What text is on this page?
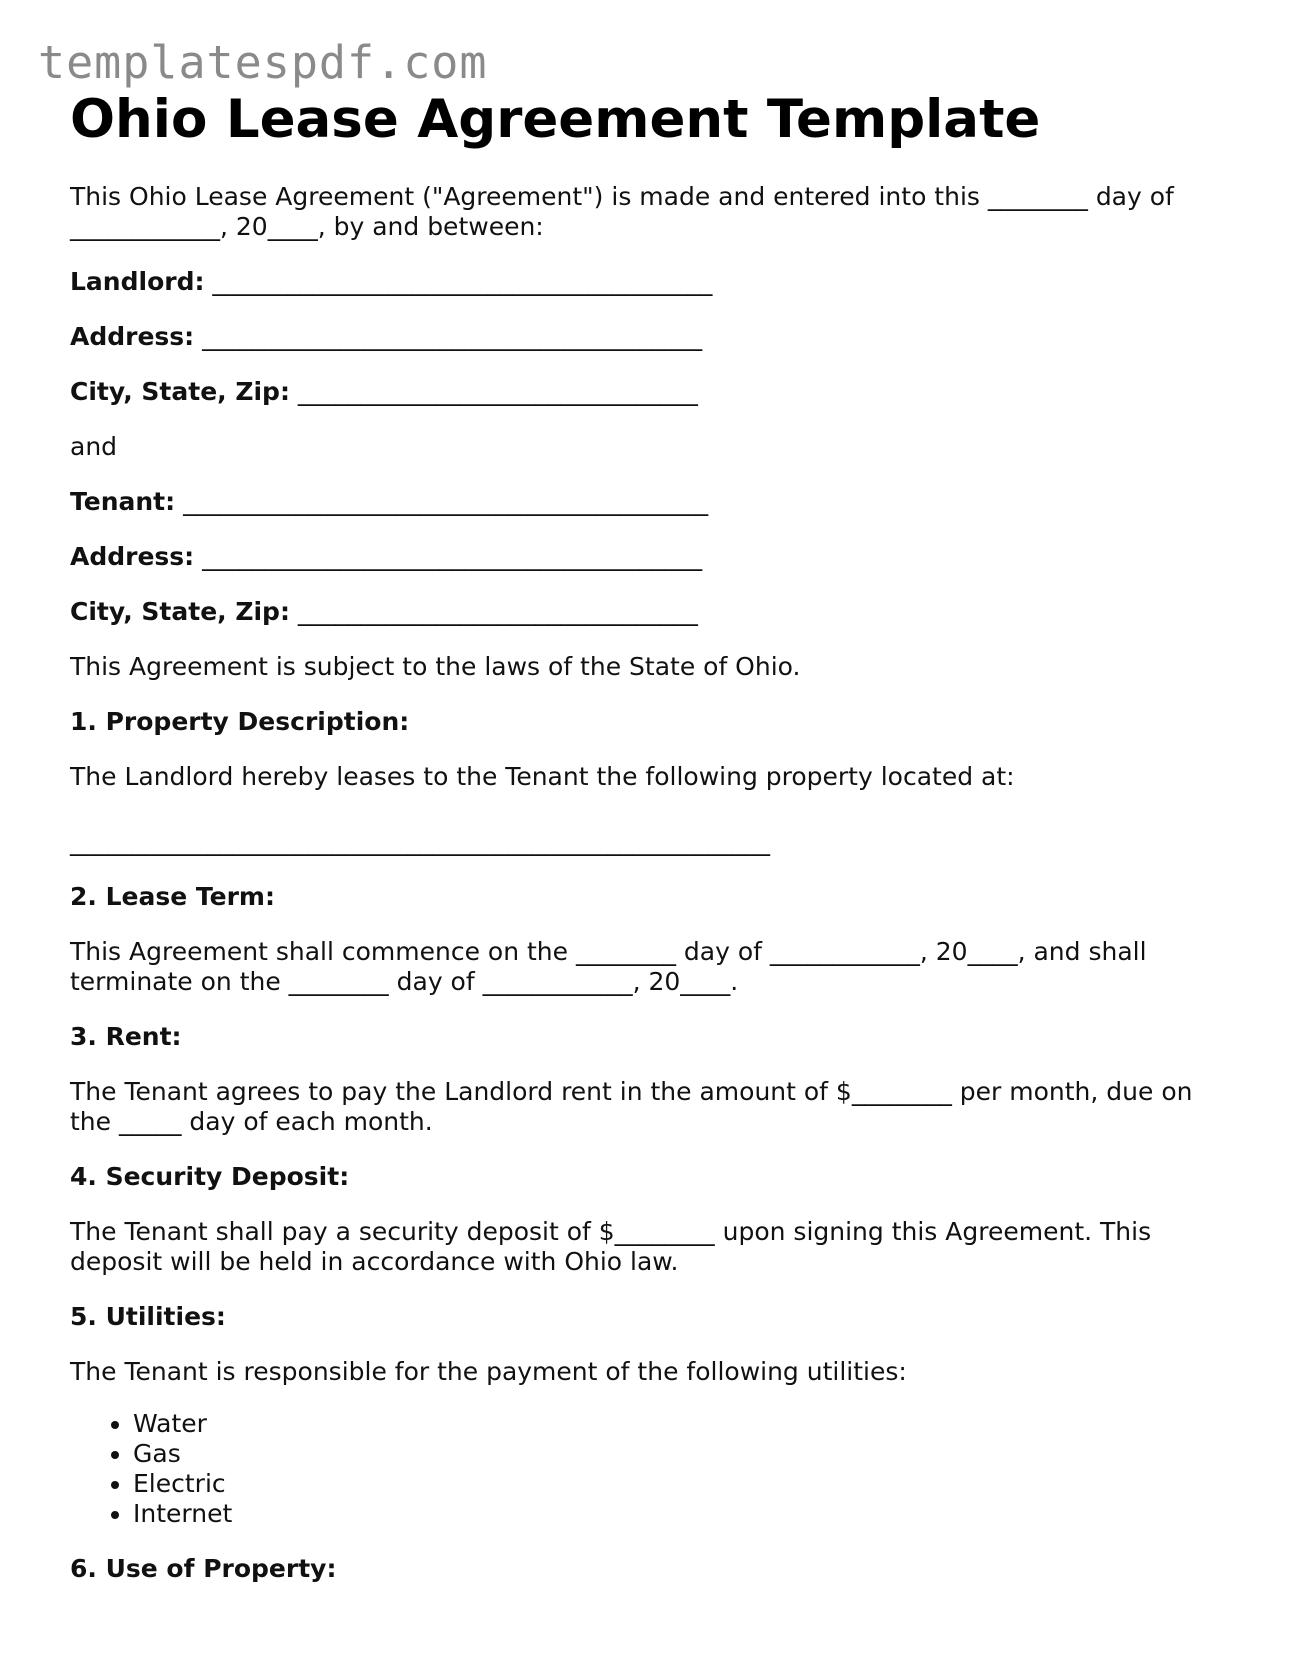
templatespdf.com
Ohio Lease Agreement Template

This Ohio Lease Agreement ("Agreement") is made and entered into this ________ day of ____________, 20____, by and between:

Landlord: ________________________________________
Address: ________________________________________
City, State, Zip: ________________________________

and

Tenant: __________________________________________
Address: ________________________________________
City, State, Zip: ________________________________

This Agreement is subject to the laws of the State of Ohio.

1. Property Description:

The Landlord hereby leases to the Tenant the following property located at:

________________________________________________________
2. Lease Term:

This Agreement shall commence on the ________ day of ____________, 20____, and shall terminate on the ________ day of ____________, 20____.

3. Rent:

The Tenant agrees to pay the Landlord rent in the amount of $________ per month, due on the _____ day of each month.

4. Security Deposit:

The Tenant shall pay a security deposit of $________ upon signing this Agreement. This deposit will be held in accordance with Ohio law.

5. Utilities:

The Tenant is responsible for the payment of the following utilities:

• Water
• Gas
• Electric
• Internet
6. Use of Property:
